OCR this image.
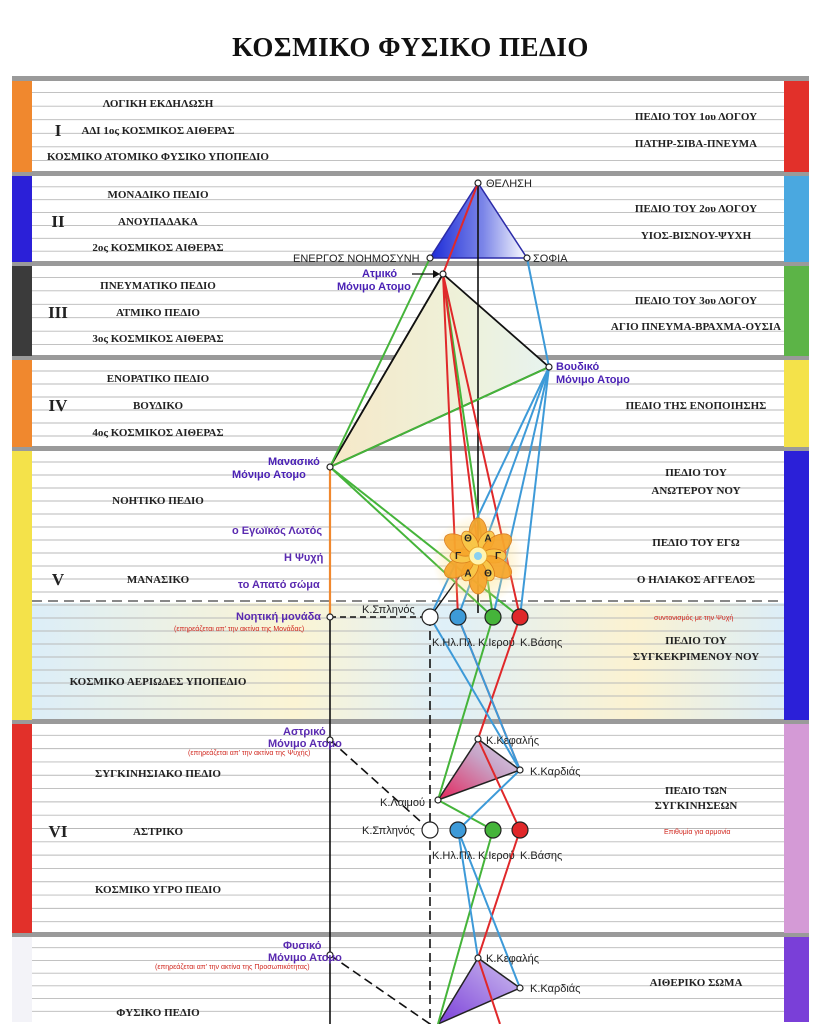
ΚΟΣΜΙΚΟ ΦΥΣΙΚΟ ΠΕΔΙΟ
I
ΛΟΓΙΚΗ ΕΚΔΗΛΩΣΗ
ΑΔΙ 1ος ΚΟΣΜΙΚΟΣ ΑΙΘΕΡΑΣ
ΚΟΣΜΙΚΟ ΑΤΟΜΙΚΟ ΦΥΣΙΚΟ ΥΠΟΠΕΔΙΟ
ΠΕΔΙΟ ΤΟΥ 1ου ΛΟΓΟΥ
ΠΑΤΗΡ-ΣΙΒΑ-ΠΝΕΥΜΑ
II
ΜΟΝΑΔΙΚΟ ΠΕΔΙΟ
ΑΝΟΥΠΑΔΑΚΑ
2ος ΚΟΣΜΙΚΟΣ ΑΙΘΕΡΑΣ
ΠΕΔΙΟ ΤΟΥ 2ου ΛΟΓΟΥ
ΥΙΟΣ-ΒΙΣΝΟΥ-ΨΥΧΗ
III
ΠΝΕΥΜΑΤΙΚΟ ΠΕΔΙΟ
ΑΤΜΙΚΟ ΠΕΔΙΟ
3ος ΚΟΣΜΙΚΟΣ ΑΙΘΕΡΑΣ
ΠΕΔΙΟ ΤΟΥ 3ου ΛΟΓΟΥ
ΑΓΙΟ ΠΝΕΥΜΑ-ΒΡΑΧΜΑ-ΟΥΣΙΑ
IV
ΕΝΟΡΑΤΙΚΟ ΠΕΔΙΟ
ΒΟΥΔΙΚΟ
4ος ΚΟΣΜΙΚΟΣ ΑΙΘΕΡΑΣ
ΠΕΔΙΟ ΤΗΣ ΕΝΟΠΟΙΗΣΗΣ
V
ΝΟΗΤΙΚΟ ΠΕΔΙΟ
ΜΑΝΑΣΙΚΟ
ΚΟΣΜΙΚΟ ΑΕΡΙΩΔΕΣ ΥΠΟΠΕΔΙΟ
ΠΕΔΙΟ ΤΟΥ
ΑΝΩΤΕΡΟΥ ΝΟΥ
ΠΕΔΙΟ ΤΟΥ ΕΓΩ
Ο ΗΛΙΑΚΟΣ ΑΓΓΕΛΟΣ
ΠΕΔΙΟ ΤΟΥ
ΣΥΓΚΕΚΡΙΜΕΝΟΥ ΝΟΥ
VI
ΣΥΓΚΙΝΗΣΙΑΚΟ ΠΕΔΙΟ
ΑΣΤΡΙΚΟ
ΚΟΣΜΙΚΟ ΥΓΡΟ ΠΕΔΙΟ
ΠΕΔΙΟ ΤΩΝ
ΣΥΓΚΙΝΗΣΕΩΝ
ΦΥΣΙΚΟ ΠΕΔΙΟ
ΑΙΘΕΡΙΚΟ ΣΩΜΑ
Α
Γ
Θ
Α
Γ
Θ
ΘΕΛΗΣΗ
ΕΝΕΡΓΟΣ ΝΟΗΜΟΣΥΝΗ	ΣΟΦΙΑ
Ατμικό
Μόνιμο Ατομο
Βουδικό
Μόνιμο Ατομο
Μανασικό
Μόνιμο Ατομο
ο Εγωϊκός Λωτός
Η Ψυχή
το Απατό σώμα
Νοητική μονάδα
(επηρεάζεται απ' την ακτίνα της Μονάδας)
Κ.Σπληνός
Κ.Ηλ.Πλ. Κ.Ιερού Κ.Βάσης
συντονισμός με την Ψυχή
Αστρικό
Μόνιμο Ατομο
(επηρεάζεται απ' την ακτίνα της Ψυχής)
Κ.Κεφαλής
Κ.Καρδιάς
Κ.Λαιμού
Κ.Σπληνός
Κ.Ηλ.Πλ. Κ.Ιερού Κ.Βάσης
Επιθυμία για αρμονία
Φυσικό
Μόνιμο Ατομο
(επηρεάζεται απ' την ακτίνα της Προσωπικότητας)
Κ.Κεφαλής
Κ.Καρδιάς
